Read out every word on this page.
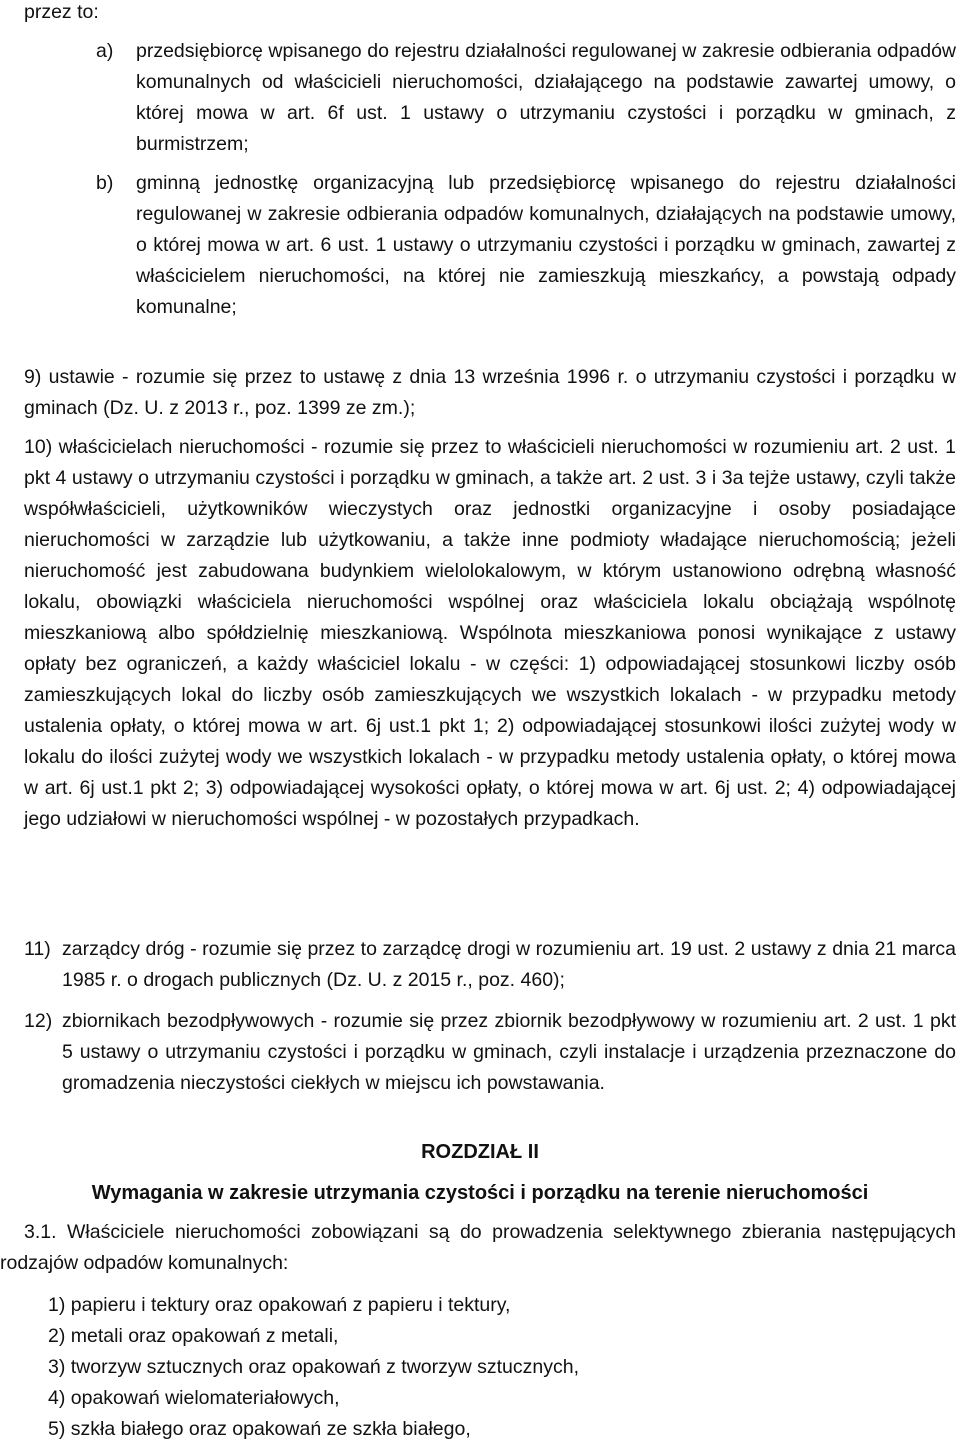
przez to:

a)	przedsiębiorcę wpisanego do rejestru działalności regulowanej w zakresie odbierania odpadów komunalnych od właścicieli nieruchomości, działającego na podstawie zawartej umowy, o której mowa w art. 6f ust. 1 ustawy o utrzymaniu czystości i porządku w gminach, z burmistrzem;
b)	gminną jednostkę organizacyjną lub przedsiębiorcę wpisanego do rejestru działalności regulowanej w zakresie odbierania odpadów komunalnych, działających na podstawie umowy, o której mowa w art. 6 ust. 1 ustawy o utrzymaniu czystości i porządku w gminach, zawartej z właścicielem nieruchomości, na której nie zamieszkują mieszkańcy, a powstają odpady komunalne;

9) ustawie - rozumie się przez to ustawę z dnia 13 września 1996 r. o utrzymaniu czystości i porządku w gminach (Dz. U. z 2013 r., poz. 1399 ze zm.);

10) właścicielach nieruchomości - rozumie się przez to właścicieli nieruchomości w rozumieniu art. 2 ust. 1 pkt 4 ustawy o utrzymaniu czystości i porządku w gminach, a także art. 2 ust. 3 i 3a tejże ustawy, czyli także współwłaścicieli, użytkowników wieczystych oraz jednostki organizacyjne i osoby posiadające nieruchomości w zarządzie lub użytkowaniu, a także inne podmioty władające nieruchomością; jeżeli nieruchomość jest zabudowana budynkiem wielolokalowym, w którym ustanowiono odrębną własność lokalu, obowiązki właściciela nieruchomości wspólnej oraz właściciela lokalu obciążają wspólnotę mieszkaniową albo spółdzielnię mieszkaniową. Wspólnota mieszkaniowa ponosi wynikające z ustawy opłaty bez ograniczeń, a każdy właściciel lokalu - w części: 1) odpowiadającej stosunkowi liczby osób zamieszkujących lokal do liczby osób zamieszkujących we wszystkich lokalach - w przypadku metody ustalenia opłaty, o której mowa w art. 6j ust.1 pkt 1; 2) odpowiadającej stosunkowi ilości zużytej wody w lokalu do ilości zużytej wody we wszystkich lokalach - w przypadku metody ustalenia opłaty, o której mowa w art. 6j ust.1 pkt 2; 3) odpowiadającej wysokości opłaty, o której mowa w art. 6j ust. 2; 4) odpowiadającej jego udziałowi w nieruchomości wspólnej - w pozostałych przypadkach.

11) zarządcy dróg - rozumie się przez to zarządcę drogi w rozumieniu art. 19 ust. 2 ustawy z dnia 21 marca 1985 r. o drogach publicznych (Dz. U. z 2015 r., poz. 460);
12) zbiornikach bezodpływowych - rozumie się przez zbiornik bezodpływowy w rozumieniu art. 2 ust. 1 pkt 5 ustawy o utrzymaniu czystości i porządku w gminach, czyli instalacje i urządzenia przeznaczone do gromadzenia nieczystości ciekłych w miejscu ich powstawania.

ROZDZIAŁ II

Wymagania w zakresie utrzymania czystości i porządku na terenie nieruchomości

3.1. Właściciele nieruchomości zobowiązani są do prowadzenia selektywnego zbierania następujących rodzajów odpadów komunalnych:

1) papieru i tektury oraz opakowań z papieru i tektury,
2) metali oraz opakowań z metali,
3) tworzyw sztucznych oraz opakowań z tworzyw sztucznych,
4) opakowań wielomateriałowych,
5) szkła białego oraz opakowań ze szkła białego,
